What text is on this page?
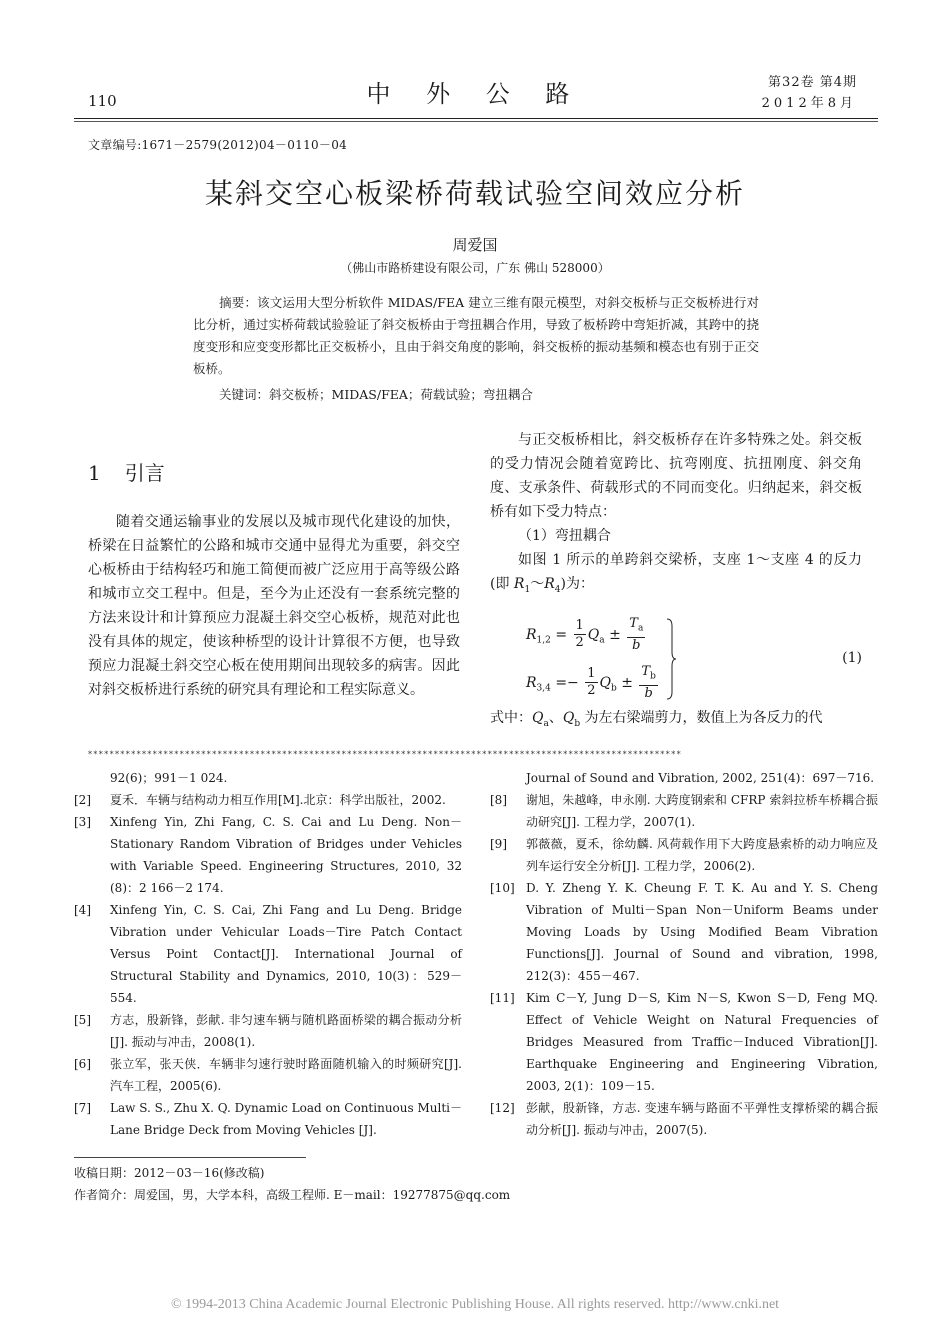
110	中 外 公 路	第32卷 第4期
2012年8月
文章编号:1671－2579(2012)04－0110－04
某斜交空心板梁桥荷载试验空间效应分析
周爱国
（佛山市路桥建设有限公司，广东 佛山 528000）
摘要：该文运用大型分析软件 MIDAS/FEA 建立三维有限元模型，对斜交板桥与正交板桥进行对比分析，通过实桥荷载试验验证了斜交板桥由于弯扭耦合作用，导致了板桥跨中弯矩折减，其跨中的挠度变形和应变变形都比正交板桥小，且由于斜交角度的影响，斜交板桥的振动基频和模态也有别于正交板桥。
关键词：斜交板桥；MIDAS/FEA；荷载试验；弯扭耦合
1 引言

随着交通运输事业的发展以及城市现代化建设的加快，桥梁在日益繁忙的公路和城市交通中显得尤为重要，斜交空心板桥由于结构轻巧和施工简便而被广泛应用于高等级公路和城市立交工程中。但是，至今为止还没有一套系统完整的方法来设计和计算预应力混凝土斜交空心板桥，规范对此也没有具体的规定，使该种桥型的设计计算很不方便，也导致预应力混凝土斜交空心板在使用期间出现较多的病害。因此对斜交板桥进行系统的研究具有理论和工程实际意义。

与正交板桥相比，斜交板桥存在许多特殊之处。斜交板的受力情况会随着宽跨比、抗弯刚度、抗扭刚度、斜交角度、支承条件、荷载形式的不同而变化。归纳起来，斜交板桥有如下受力特点：

（1）弯扭耦合

如图 1 所示的单跨斜交梁桥，支座 1～支座 4 的反力(即 $R_1\sim R_4$)为：

$R_{1,2} = \frac{1}{2} Q_a \pm \frac{T_a}{b}$
$R_{3,4} =- \frac{1}{2} Q_b \pm \frac{T_b}{b}$
(1)
式中：$Q_a$、$Q_b$ 为左右梁端剪力，数值上为各反力的代
**************************************************************************************************************
92(6)；991－1 024.
[2]	夏禾．车辆与结构动力相互作用[M].北京：科学出版社，2002.
[3]	Xinfeng Yin, Zhi Fang, C. S. Cai and Lu Deng. Non－Stationary Random Vibration of Bridges under Vehicles with Variable Speed. Engineering Structures, 2010, 32 (8)：2 166－2 174.
[4]	Xinfeng Yin, C. S. Cai, Zhi Fang and Lu Deng. Bridge Vibration under Vehicular Loads－Tire Patch Contact Versus Point Contact[J]. International Journal of Structural Stability and Dynamics, 2010, 10(3)：529－554.
[5]	方志，殷新锋，彭献. 非匀速车辆与随机路面桥梁的耦合振动分析[J]. 振动与冲击，2008(1).
[6]	张立军，张天侠．车辆非匀速行驶时路面随机输入的时频研究[J]. 汽车工程，2005(6).
[7]	Law S. S., Zhu X. Q. Dynamic Load on Continuous Multi－Lane Bridge Deck from Moving Vehicles [J].
Journal of Sound and Vibration, 2002, 251(4)：697－716.
[8]	谢旭，朱越峰，申永刚. 大跨度钢索和 CFRP 索斜拉桥车桥耦合振动研究[J]. 工程力学，2007(1).
[9]	郭薇薇，夏禾，徐幼麟. 风荷载作用下大跨度悬索桥的动力响应及列车运行安全分析[J]. 工程力学，2006(2).
[10] D. Y. Zheng Y. K. Cheung F. T. K. Au and Y. S. Cheng Vibration of Multi－Span Non－Uniform Beams under Moving Loads by Using Modified Beam Vibration Functions[J]. Journal of Sound and vibration, 1998, 212(3)：455－467.
[11] Kim C－Y, Jung D－S, Kim N－S, Kwon S－D, Feng MQ. Effect of Vehicle Weight on Natural Frequencies of Bridges Measured from Traffic－Induced Vibration[J]. Earthquake Engineering and Engineering Vibration, 2003, 2(1)：109－15.
[12] 彭献，殷新锋，方志. 变速车辆与路面不平弹性支撑桥梁的耦合振动分析[J]. 振动与冲击，2007(5).
收稿日期：2012－03－16(修改稿)
作者简介：周爱国，男，大学本科，高级工程师. E－mail：19277875@qq.com
© 1994-2013 China Academic Journal Electronic Publishing House. All rights reserved. http://www.cnki.net
